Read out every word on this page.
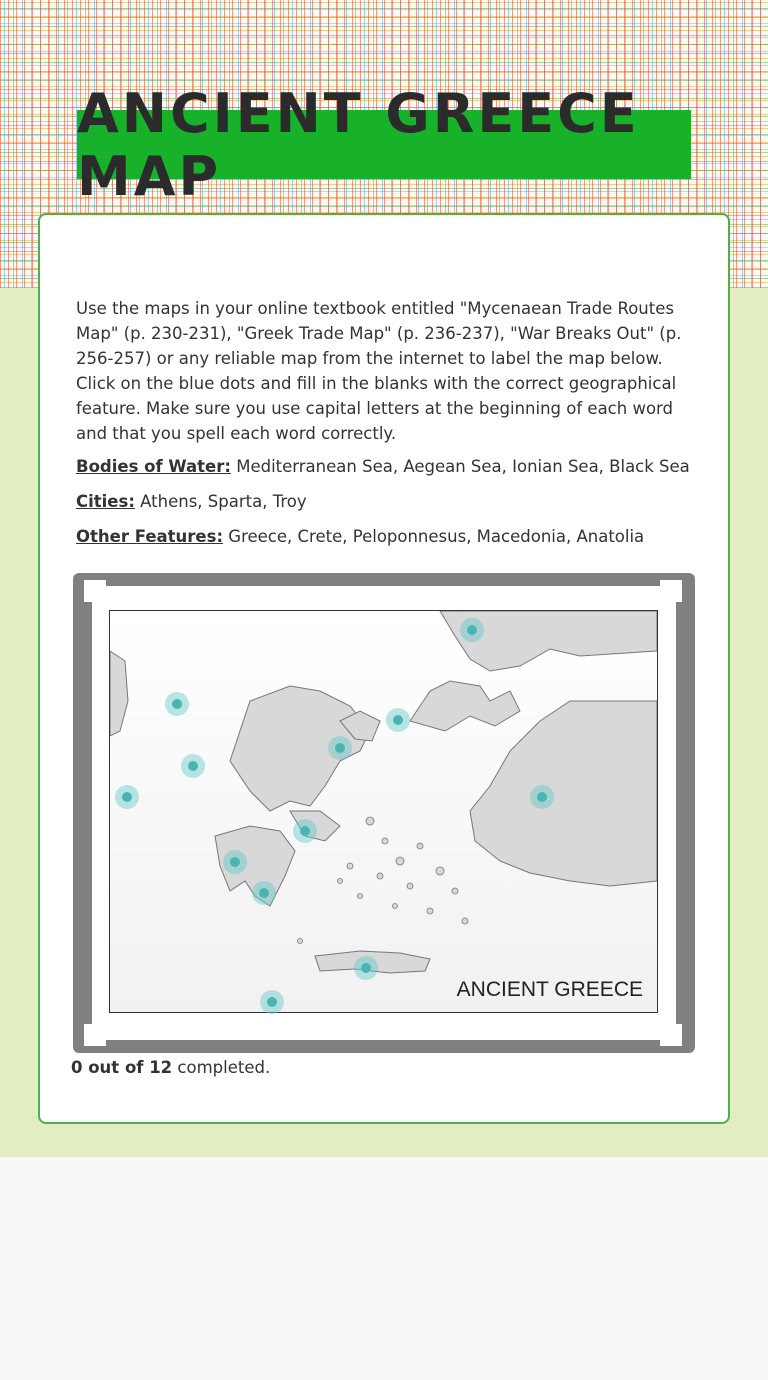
ANCIENT GREECE MAP

Use the maps in your online textbook entitled "Mycenaean Trade Routes Map" (p. 230-231), "Greek Trade Map" (p. 236-237), "War Breaks Out" (p. 256-257) or any reliable map from the internet to label the map below. Click on the blue dots and fill in the blanks with the correct geographical feature. Make sure you use capital letters at the beginning of each word and that you spell each word correctly.

Bodies of Water: Mediterranean Sea, Aegean Sea, Ionian Sea, Black Sea
Cities: Athens, Sparta, Troy
Other Features: Greece, Crete, Peloponnesus, Macedonia, Anatolia
ANCIENT GREECE
0 out of 12 completed.
